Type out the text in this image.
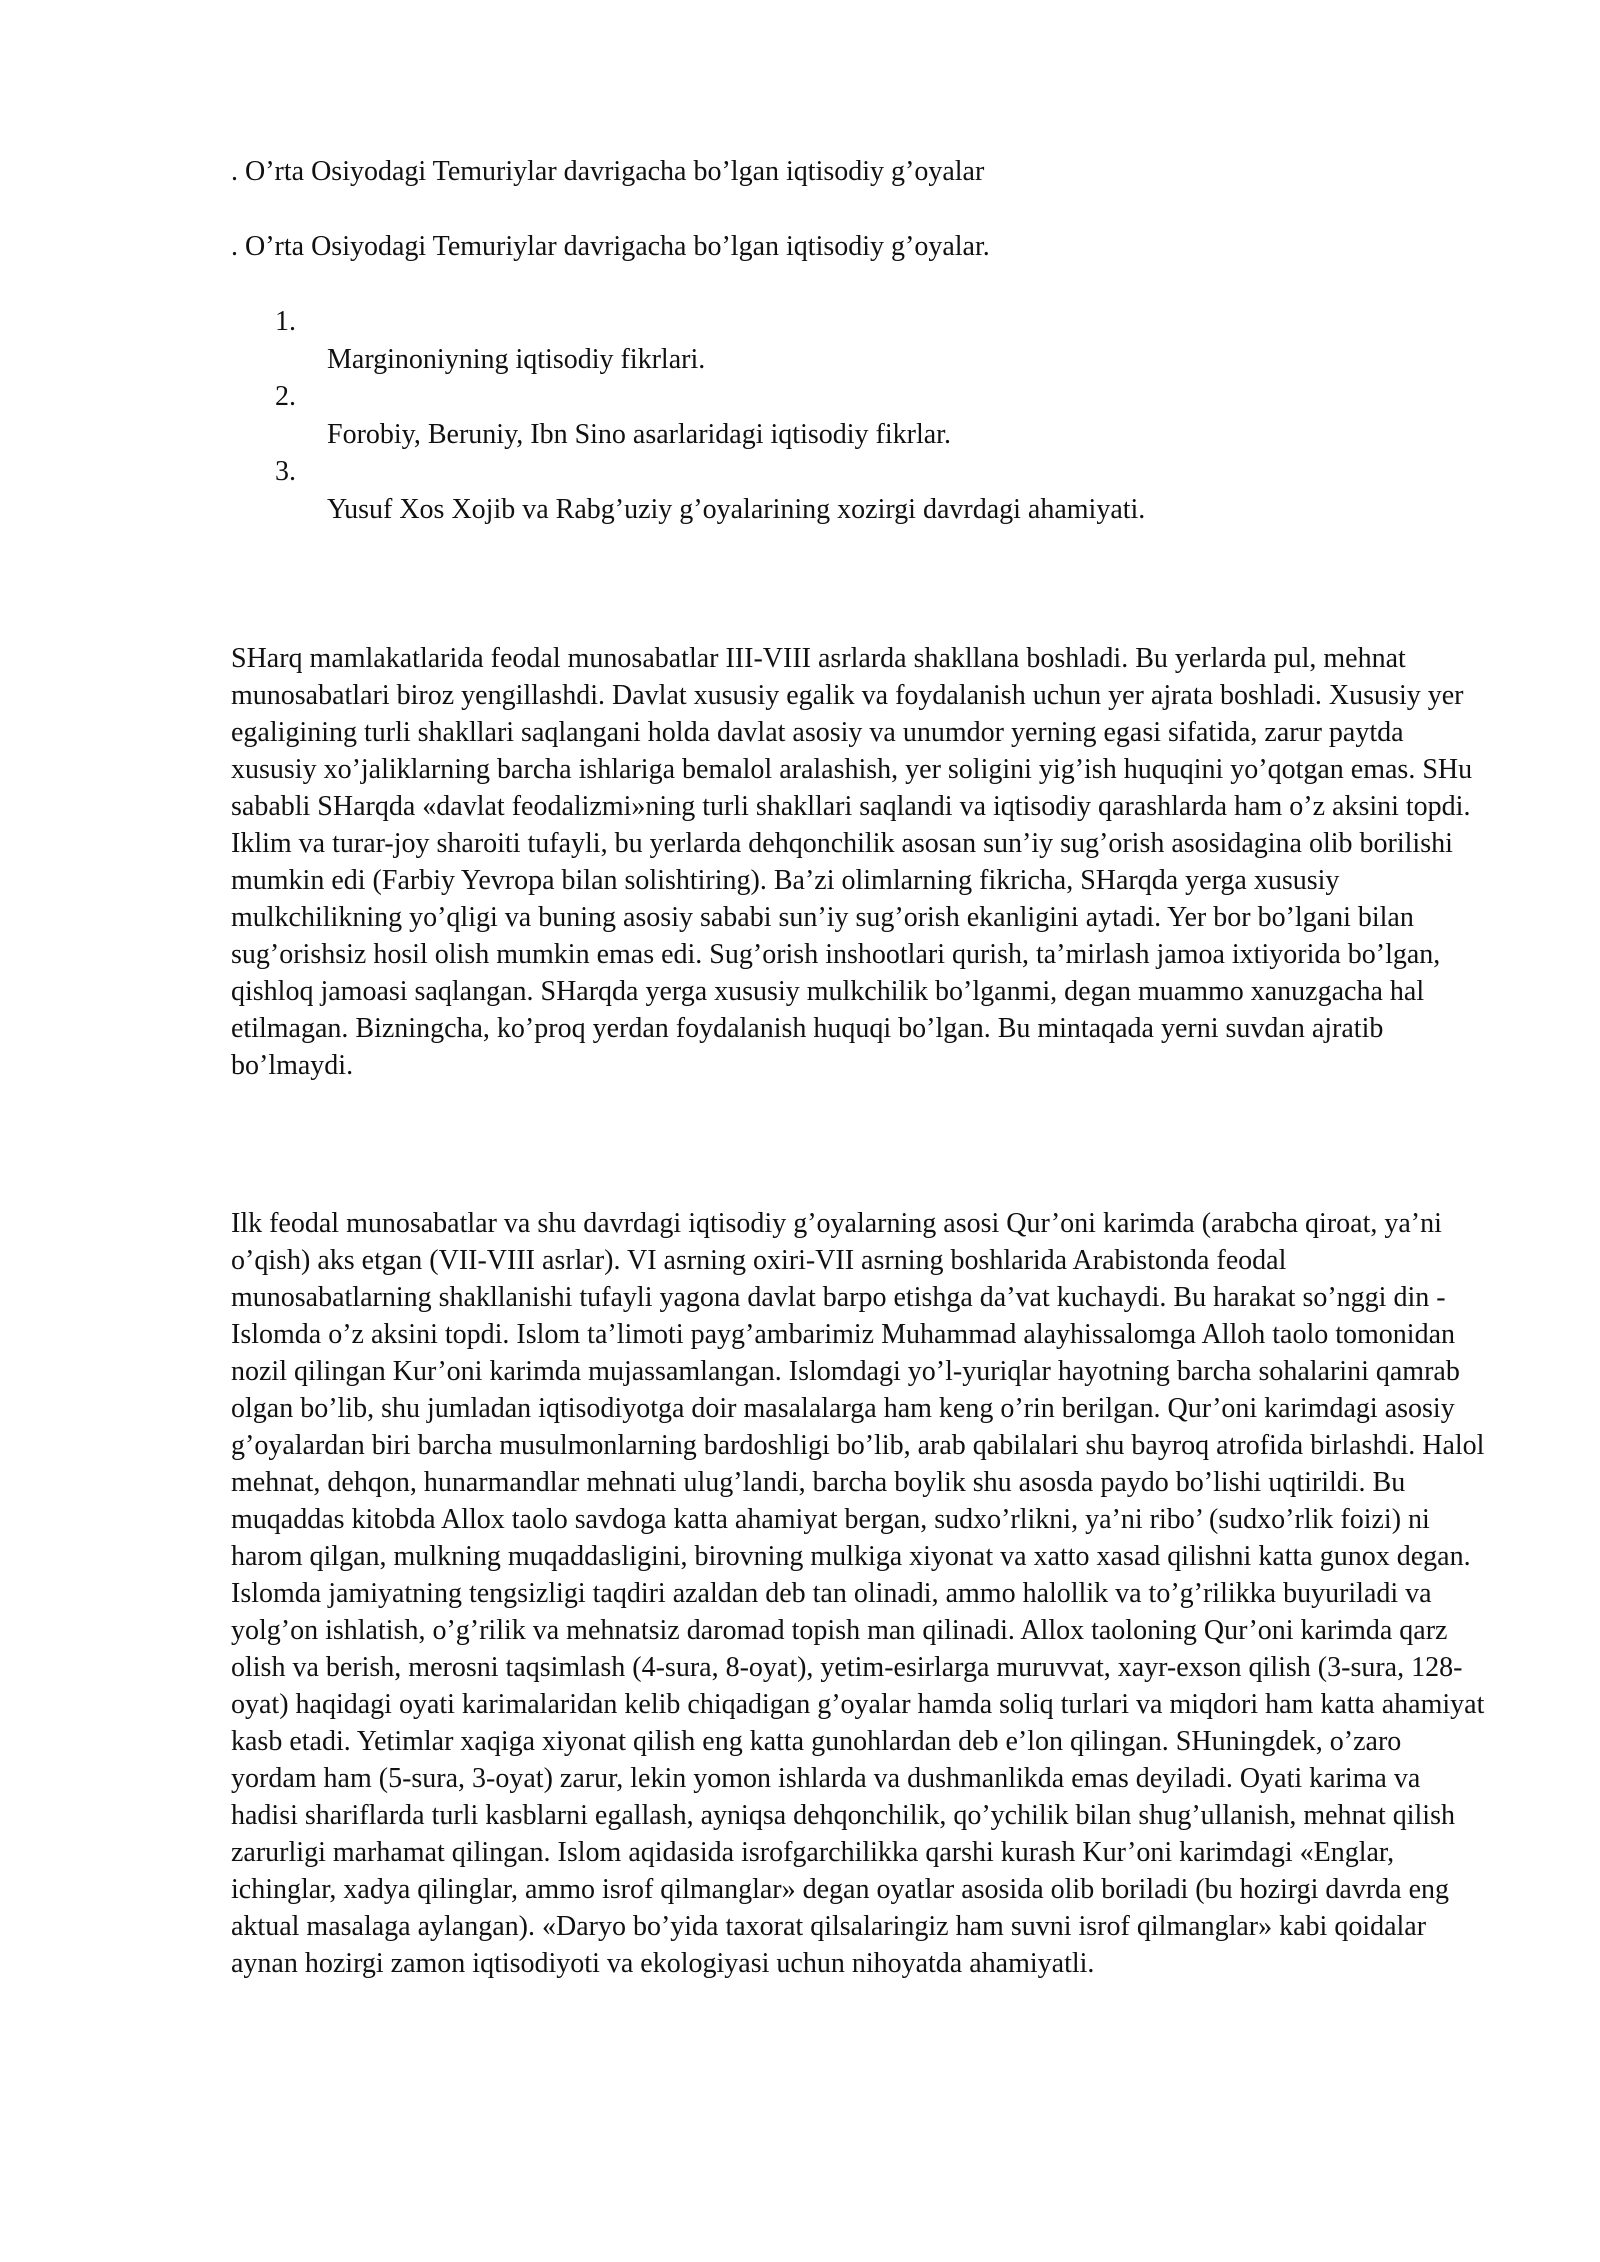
. O’rta Osiyodagi Temuriylar davrigacha bo’lgan iqtisodiy g’oyalar
. O’rta Osiyodagi Temuriylar davrigacha bo’lgan iqtisodiy g’oyalar.
1.
Marginoniyning iqtisodiy fikrlari.
2.
Forobiy, Beruniy, Ibn Sino asarlaridagi iqtisodiy fikrlar.
3.
Yusuf Xos Xojib va Rabg’uziy g’oyalarining xozirgi davrdagi ahamiyati.

SHarq mamlakatlarida feodal munosabatlar III-VIII asrlarda shakllana boshladi. Bu yerlarda pul, mehnat munosabatlari biroz yengillashdi. Davlat xususiy egalik va foydalanish uchun yer ajrata boshladi. Xususiy yer egaligining turli shakllari saqlangani holda davlat asosiy va unumdor yerning egasi sifatida, zarur paytda xususiy xo’jaliklarning barcha ishlariga bemalol aralashish, yer soligini yig’ish huquqini yo’qotgan emas. SHu sababli SHarqda «davlat feodalizmi»ning turli shakllari saqlandi va iqtisodiy qarashlarda ham o’z aksini topdi. Iklim va turar-joy sharoiti tufayli, bu yerlarda dehqonchilik asosan sun’iy sug’orish asosidagina olib borilishi mumkin edi (Farbiy Yevropa bilan solishtiring). Ba’zi olimlarning fikricha, SHarqda yerga xususiy mulkchilikning yo’qligi va buning asosiy sababi sun’iy sug’orish ekanligini aytadi. Yer bor bo’lgani bilan sug’orishsiz hosil olish mumkin emas edi. Sug’orish inshootlari qurish, ta’mirlash jamoa ixtiyorida bo’lgan, qishloq jamoasi saqlangan. SHarqda yerga xususiy mulkchilik bo’lganmi, degan muammo xanuzgacha hal etilmagan. Bizningcha, ko’proq yerdan foydalanish huquqi bo’lgan. Bu mintaqada yerni suvdan ajratib bo’lmaydi.

Ilk feodal munosabatlar va shu davrdagi iqtisodiy g’oyalarning asosi Qur’oni karimda (arabcha qiroat, ya’ni o’qish) aks etgan (VII-VIII asrlar). VI asrning oxiri-VII asrning boshlarida Arabistonda feodal munosabatlarning shakllanishi tufayli yagona davlat barpo etishga da’vat kuchaydi. Bu harakat so’nggi din - Islomda o’z aksini topdi. Islom ta’limoti payg’ambarimiz Muhammad alayhissalomga Alloh taolo tomonidan nozil qilingan Kur’oni karimda mujassamlangan. Islomdagi yo’l-yuriqlar hayotning barcha sohalarini qamrab olgan bo’lib, shu jumladan iqtisodiyotga doir masalalarga ham keng o’rin berilgan. Qur’oni karimdagi asosiy g’oyalardan biri barcha musulmonlarning bardoshligi bo’lib, arab qabilalari shu bayroq atrofida birlashdi. Halol mehnat, dehqon, hunarmandlar mehnati ulug’landi, barcha boylik shu asosda paydo bo’lishi uqtirildi. Bu muqaddas kitobda Allox taolo savdoga katta ahamiyat bergan, sudxo’rlikni, ya’ni ribo’ (sudxo’rlik foizi) ni harom qilgan, mulkning muqaddasligini, birovning mulkiga xiyonat va xatto xasad qilishni katta gunox degan. Islomda jamiyatning tengsizligi taqdiri azaldan deb tan olinadi, ammo halollik va to’g’rilikka buyuriladi va yolg’on ishlatish, o’g’rilik va mehnatsiz daromad topish man qilinadi. Allox taoloning Qur’oni karimda qarz olish va berish, merosni taqsimlash (4-sura, 8-oyat), yetim-esirlarga muruvvat, xayr-exson qilish (3-sura, 128-oyat) haqidagi oyati karimalaridan kelib chiqadigan g’oyalar hamda soliq turlari va miqdori ham katta ahamiyat kasb etadi. Yetimlar xaqiga xiyonat qilish eng katta gunohlardan deb e’lon qilingan. SHuningdek, o’zaro yordam ham (5-sura, 3-oyat) zarur, lekin yomon ishlarda va dushmanlikda emas deyiladi. Oyati karima va hadisi shariflarda turli kasblarni egallash, ayniqsa dehqonchilik, qo’ychilik bilan shug’ullanish, mehnat qilish zarurligi marhamat qilingan. Islom aqidasida isrofgarchilikka qarshi kurash Kur’oni karimdagi «Englar, ichinglar, xadya qilinglar, ammo isrof qilmanglar» degan oyatlar asosida olib boriladi (bu hozirgi davrda eng aktual masalaga aylangan). «Daryo bo’yida taxorat qilsalaringiz ham suvni isrof qilmanglar» kabi qoidalar aynan hozirgi zamon iqtisodiyoti va ekologiyasi uchun nihoyatda ahamiyatli.
